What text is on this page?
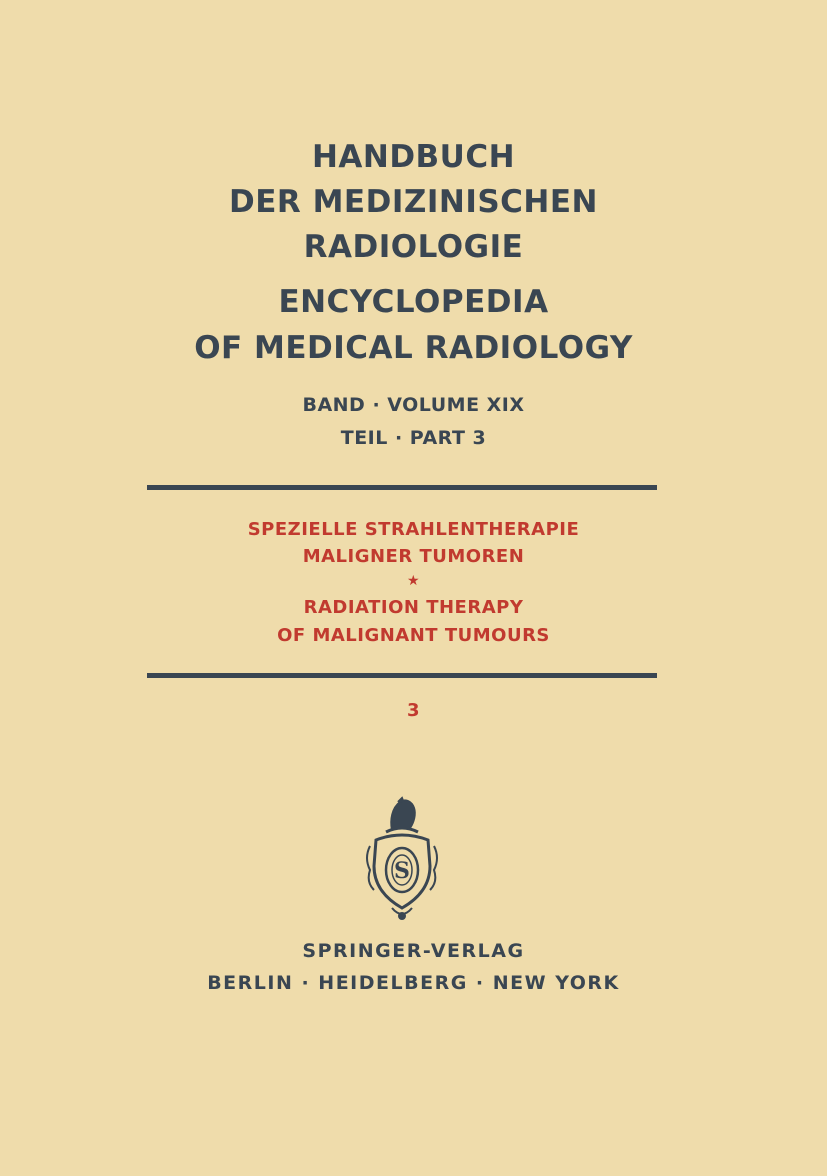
HANDBUCH
DER MEDIZINISCHEN
RADIOLOGIE
ENCYCLOPEDIA
OF MEDICAL RADIOLOGY
BAND · VOLUME XIX
TEIL · PART 3
SPEZIELLE STRAHLENTHERAPIE
MALIGNER TUMOREN
★
RADIATION THERAPY
OF MALIGNANT TUMOURS
3
S
SPRINGER-VERLAG
BERLIN · HEIDELBERG · NEW YORK
